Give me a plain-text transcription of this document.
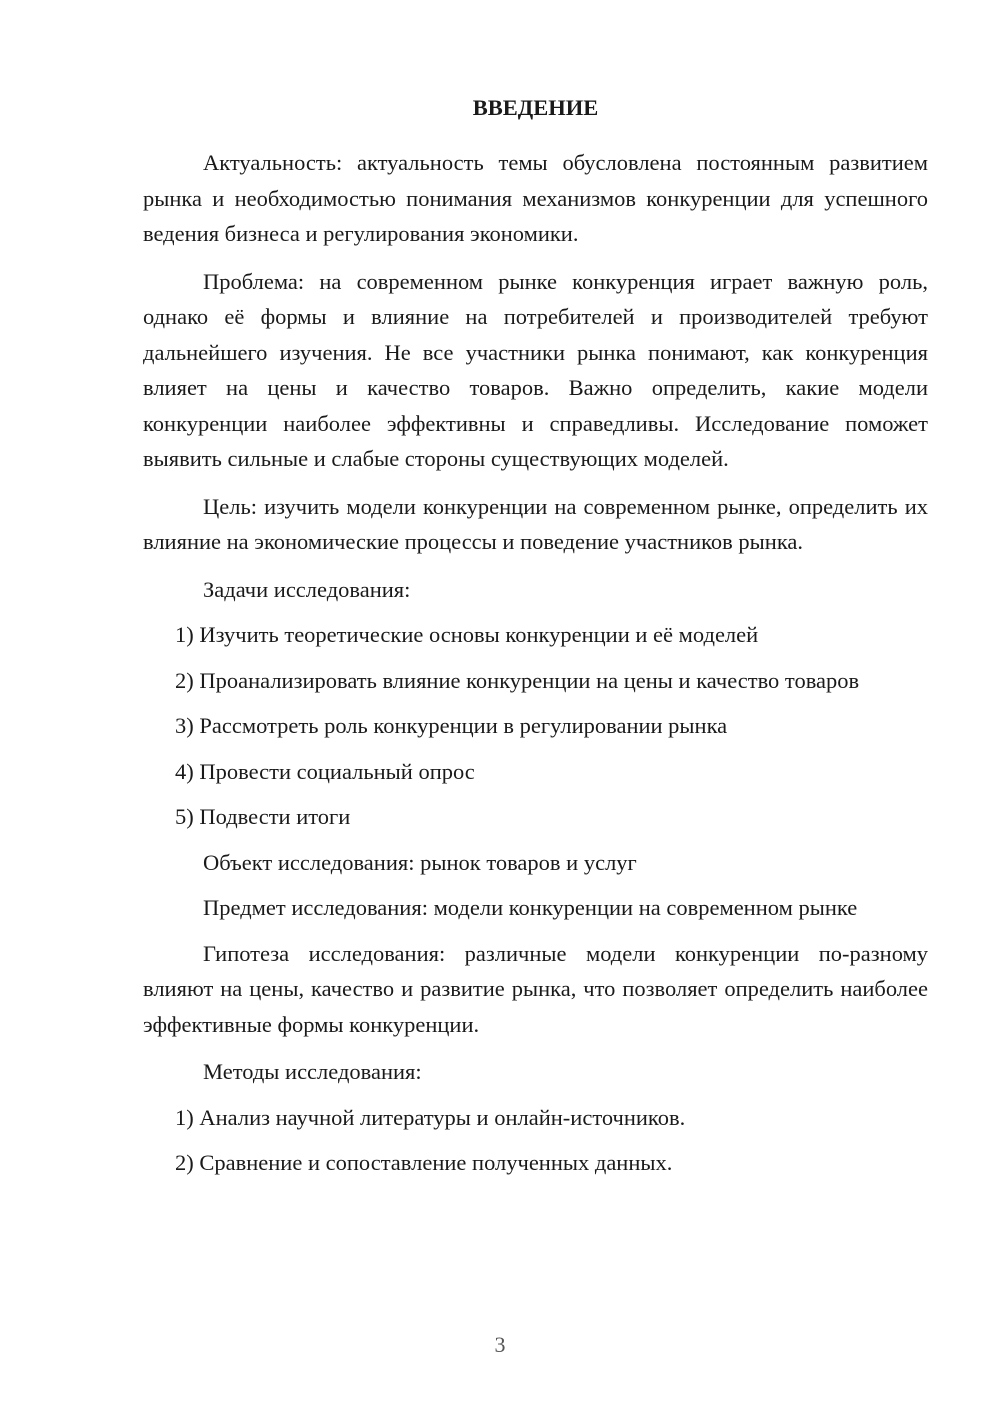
ВВЕДЕНИЕ

Актуальность: актуальность темы обусловлена постоянным развитием рынка и необходимостью понимания механизмов конкуренции для успешного ведения бизнеса и регулирования экономики.

Проблема: на современном рынке конкуренция играет важную роль, однако её формы и влияние на потребителей и производителей требуют дальнейшего изучения. Не все участники рынка понимают, как конкуренция влияет на цены и качество товаров. Важно определить, какие модели конкуренции наиболее эффективны и справедливы. Исследование поможет выявить сильные и слабые стороны существующих моделей.

Цель: изучить модели конкуренции на современном рынке, определить их влияние на экономические процессы и поведение участников рынка.

Задачи исследования:

1) Изучить теоретические основы конкуренции и её моделей

2) Проанализировать влияние конкуренции на цены и качество товаров

3) Рассмотреть роль конкуренции в регулировании рынка

4) Провести социальный опрос

5) Подвести итоги

Объект исследования: рынок товаров и услуг

Предмет исследования: модели конкуренции на современном рынке

Гипотеза исследования: различные модели конкуренции по-разному влияют на цены, качество и развитие рынка, что позволяет определить наиболее эффективные формы конкуренции.

Методы исследования:

1) Анализ научной литературы и онлайн-источников.

2) Сравнение и сопоставление полученных данных.

3
